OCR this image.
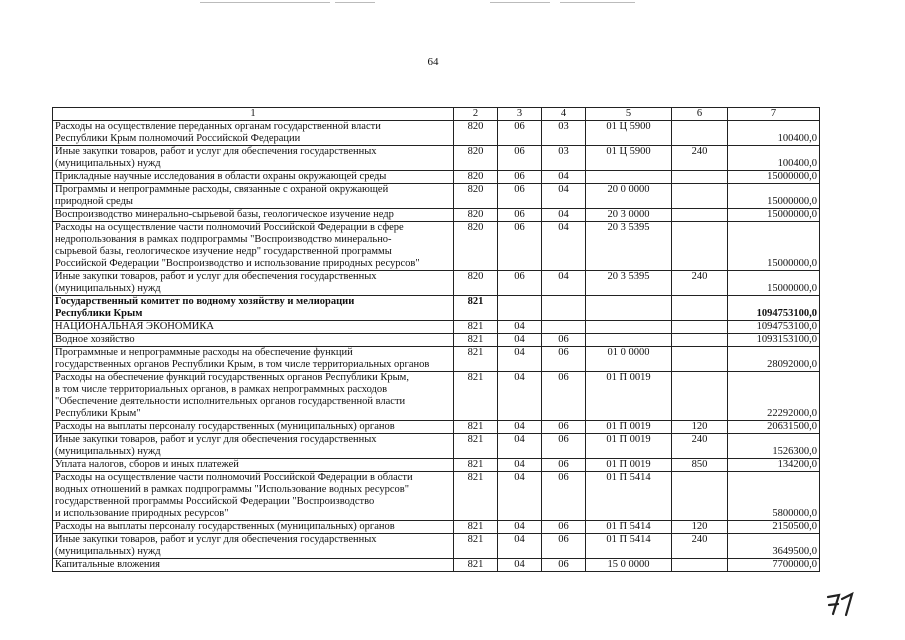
64
1	2	3	4	5	6	7
Расходы на осуществление переданных органам государственной власти
Республики Крым полномочий Российской Федерации	820	06	03	01 Ц 5900		100400,0
Иные закупки товаров, работ и услуг для обеспечения государственных
(муниципальных) нужд	820	06	03	01 Ц 5900	240	100400,0
Прикладные научные исследования в области охраны окружающей среды	820	06	04			15000000,0
Программы и непрограммные расходы, связанные с охраной окружающей
природной среды	820	06	04	20 0 0000		15000000,0
Воспроизводство минерально-сырьевой базы, геологическое изучение недр	820	06	04	20 3 0000		15000000,0
Расходы на осуществление части полномочий Российской Федерации в сфере
недропользования в рамках подпрограммы "Воспроизводство минерально-
сырьевой базы, геологическое изучение недр" государственной программы
Российской Федерации "Воспроизводство и использование природных ресурсов"	820	06	04	20 3 5395		15000000,0
Иные закупки товаров, работ и услуг для обеспечения государственных
(муниципальных) нужд	820	06	04	20 3 5395	240	15000000,0
Государственный комитет по водному хозяйству и мелиорации
Республики Крым	821					1094753100,0
НАЦИОНАЛЬНАЯ ЭКОНОМИКА	821	04				1094753100,0
Водное хозяйство	821	04	06			1093153100,0
Программные и непрограммные расходы на обеспечение функций
государственных органов Республики Крым, в том числе территориальных органов	821	04	06	01 0 0000		28092000,0
Расходы на обеспечение функций государственных органов Республики Крым,
в том числе территориальных органов, в рамках непрограммных расходов
"Обеспечение деятельности исполнительных органов государственной власти
Республики Крым"	821	04	06	01 П 0019		22292000,0
Расходы на выплаты персоналу государственных (муниципальных) органов	821	04	06	01 П 0019	120	20631500,0
Иные закупки товаров, работ и услуг для обеспечения государственных
(муниципальных) нужд	821	04	06	01 П 0019	240	1526300,0
Уплата налогов, сборов и иных платежей	821	04	06	01 П 0019	850	134200,0
Расходы на осуществление части полномочий Российской Федерации в области
водных отношений в рамках подпрограммы "Использование водных ресурсов"
государственной программы Российской Федерации "Воспроизводство
и использование природных ресурсов"	821	04	06	01 П 5414		5800000,0
Расходы на выплаты персоналу государственных (муниципальных) органов	821	04	06	01 П 5414	120	2150500,0
Иные закупки товаров, работ и услуг для обеспечения государственных
(муниципальных) нужд	821	04	06	01 П 5414	240	3649500,0
Капитальные вложения	821	04	06	15 0 0000		7700000,0
